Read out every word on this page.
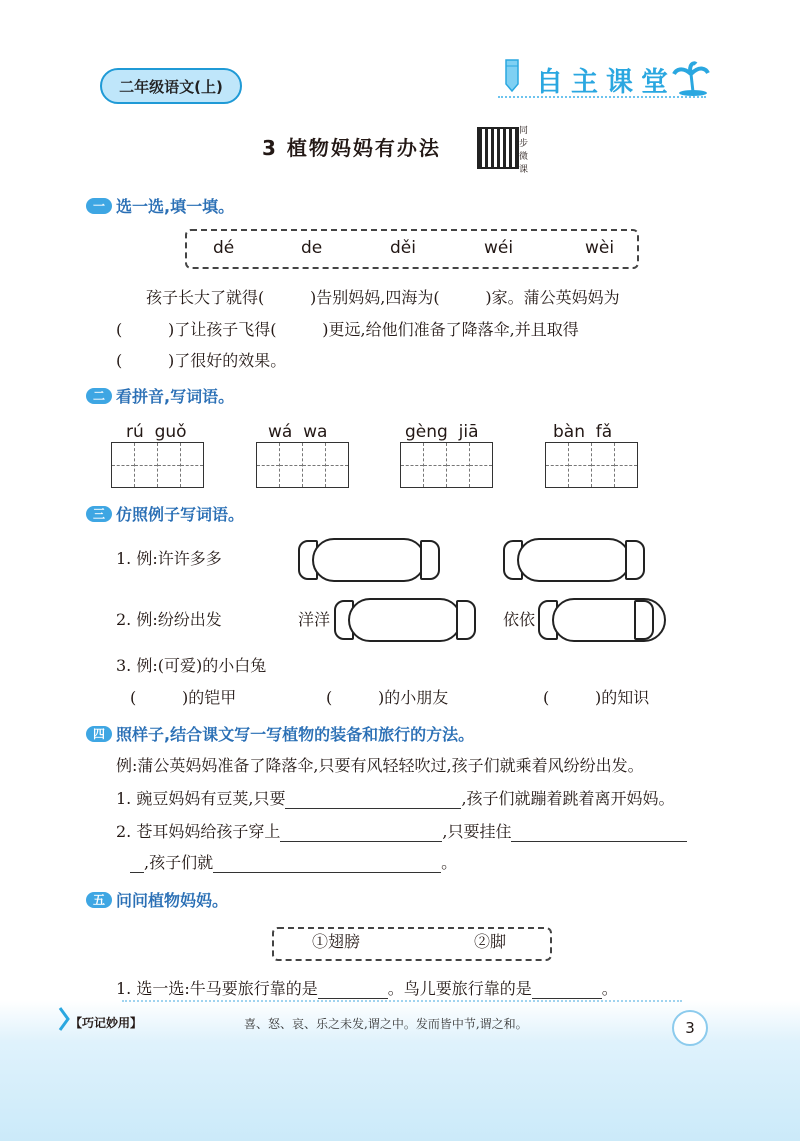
二年级语文(上)	自主课堂
3 植物妈妈有办法
同步微课
一 选一选,填一填。
dé	de	děi	wéi	wèi
孩子长大了就得(         )告别妈妈,四海为(         )家。蒲公英妈妈为
(         )了让孩子飞得(         )更远,给他们准备了降落伞,并且取得
(         )了很好的效果。
二 看拼音,写词语。
rú  guǒ	wá  wa	gèng  jiā	bàn  fǎ
三 仿照例子写词语。
1. 例:许许多多
2. 例:纷纷出发	洋洋	依依
3. 例:(可爱)的小白兔
(         )的铠甲	(         )的小朋友	(         )的知识
四 照样子,结合课文写一写植物的装备和旅行的方法。
例:蒲公英妈妈准备了降落伞,只要有风轻轻吹过,孩子们就乘着风纷纷出发。
1. 豌豆妈妈有豆荚,只要	,孩子们就蹦着跳着离开妈妈。
2. 苍耳妈妈给孩子穿上	,只要挂住
,孩子们就	。
五 问问植物妈妈。
①翅膀	②脚
1. 选一选:牛马要旅行靠的是	。鸟儿要旅行靠的是	。
【巧记妙用】	喜、怒、哀、乐之未发,谓之中。发而皆中节,谓之和。	3
